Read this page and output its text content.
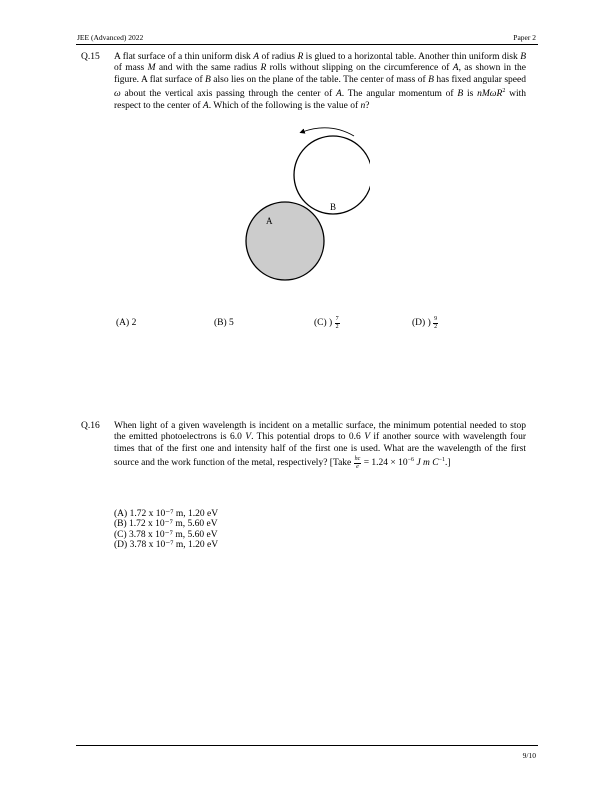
JEE (Advanced) 2022	Paper 2
Q.15 A flat surface of a thin uniform disk A of radius R is glued to a horizontal table. Another thin uniform disk B of mass M and with the same radius R rolls without slipping on the circumference of A, as shown in the figure. A flat surface of B also lies on the plane of the table. The center of mass of B has fixed angular speed ω about the vertical axis passing through the center of A. The angular momentum of B is nMωR$^2$ with respect to the center of A. Which of the following is the value of n?
B
A
(A) 2	(B) 5	(C) ) $\frac{7}{2}$	(D) ) $\frac{9}{2}$
Q.16 When light of a given wavelength is incident on a metallic surface, the minimum potential needed to stop the emitted photoelectrons is 6.0 V. This potential drops to 0.6 V if another source with wavelength four times that of the first one and intensity half of the first one is used. What are the wavelength of the first source and the work function of the metal, respectively? [Take $\frac{hc}{e} = 1.24 \times 10^{-6}$ J m $C^{-1}$.]
(A) 1.72 x 10⁻⁷ m, 1.20 eV
(B) 1.72 x 10⁻⁷ m, 5.60 eV
(C) 3.78 x 10⁻⁷ m, 5.60 eV
(D) 3.78 x 10⁻⁷ m, 1.20 eV
9/10
